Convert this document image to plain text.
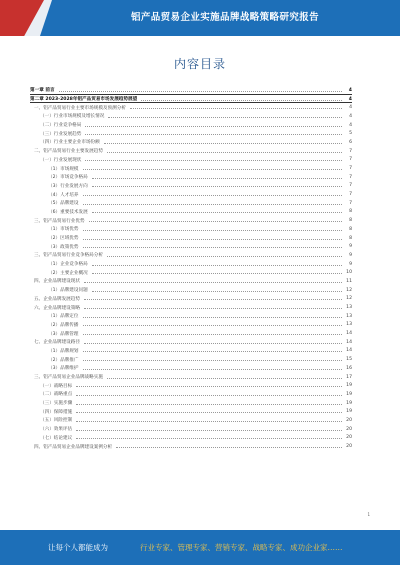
铝产品贸易企业实施品牌战略策略研究报告
内容目录
第一章 前言	4
第二章 2023-2028年铝产品贸易市场发展趋势展望	4
一、铝产品贸易行业主要市场规模及预测分析	4
（一）行业市场规模及增长情况	4
（二）行业竞争格局	4
（三）行业发展趋势	5
（四）行业主要企业市场份额	6
二、铝产品贸易行业主要发展趋势	7
（一）行业发展现状	7
（1）市场规模	7
（2）市场竞争格局	7
（3）行业发展方向	7
（4）人才培养	7
（5）品牌建设	7
（6）重要技术发展	8
三、铝产品贸易行业优势	8
（1）市场优势	8
（2）区域优势	8
（3）政策优势	9
三、铝产品贸易行业竞争格局分析	9
（1）企业竞争格局	9
（2）主要企业概况	10
四、企业品牌建设现状	11
（1）品牌建设问题	12
五、企业品牌发展趋势	12
六、企业品牌建设策略	13
（1）品牌定位	13
（2）品牌传播	13
（3）品牌管理	14
七、企业品牌建设路径	14
（1）品牌规划	14
（2）品牌推广	15
（3）品牌维护	16
三、铝产品贸易企业品牌战略实施	17
（一）战略目标	19
（二）战略重点	19
（三）实施步骤	19
（四）保障措施	19
（五）风险控制	20
（六）效果评估	20
（七）结论建议	20
四、铝产品贸易企业品牌建设案例分析	20
1
让每个人都能成为	行业专家、管理专家、营销专家、战略专家、成功企业家……
